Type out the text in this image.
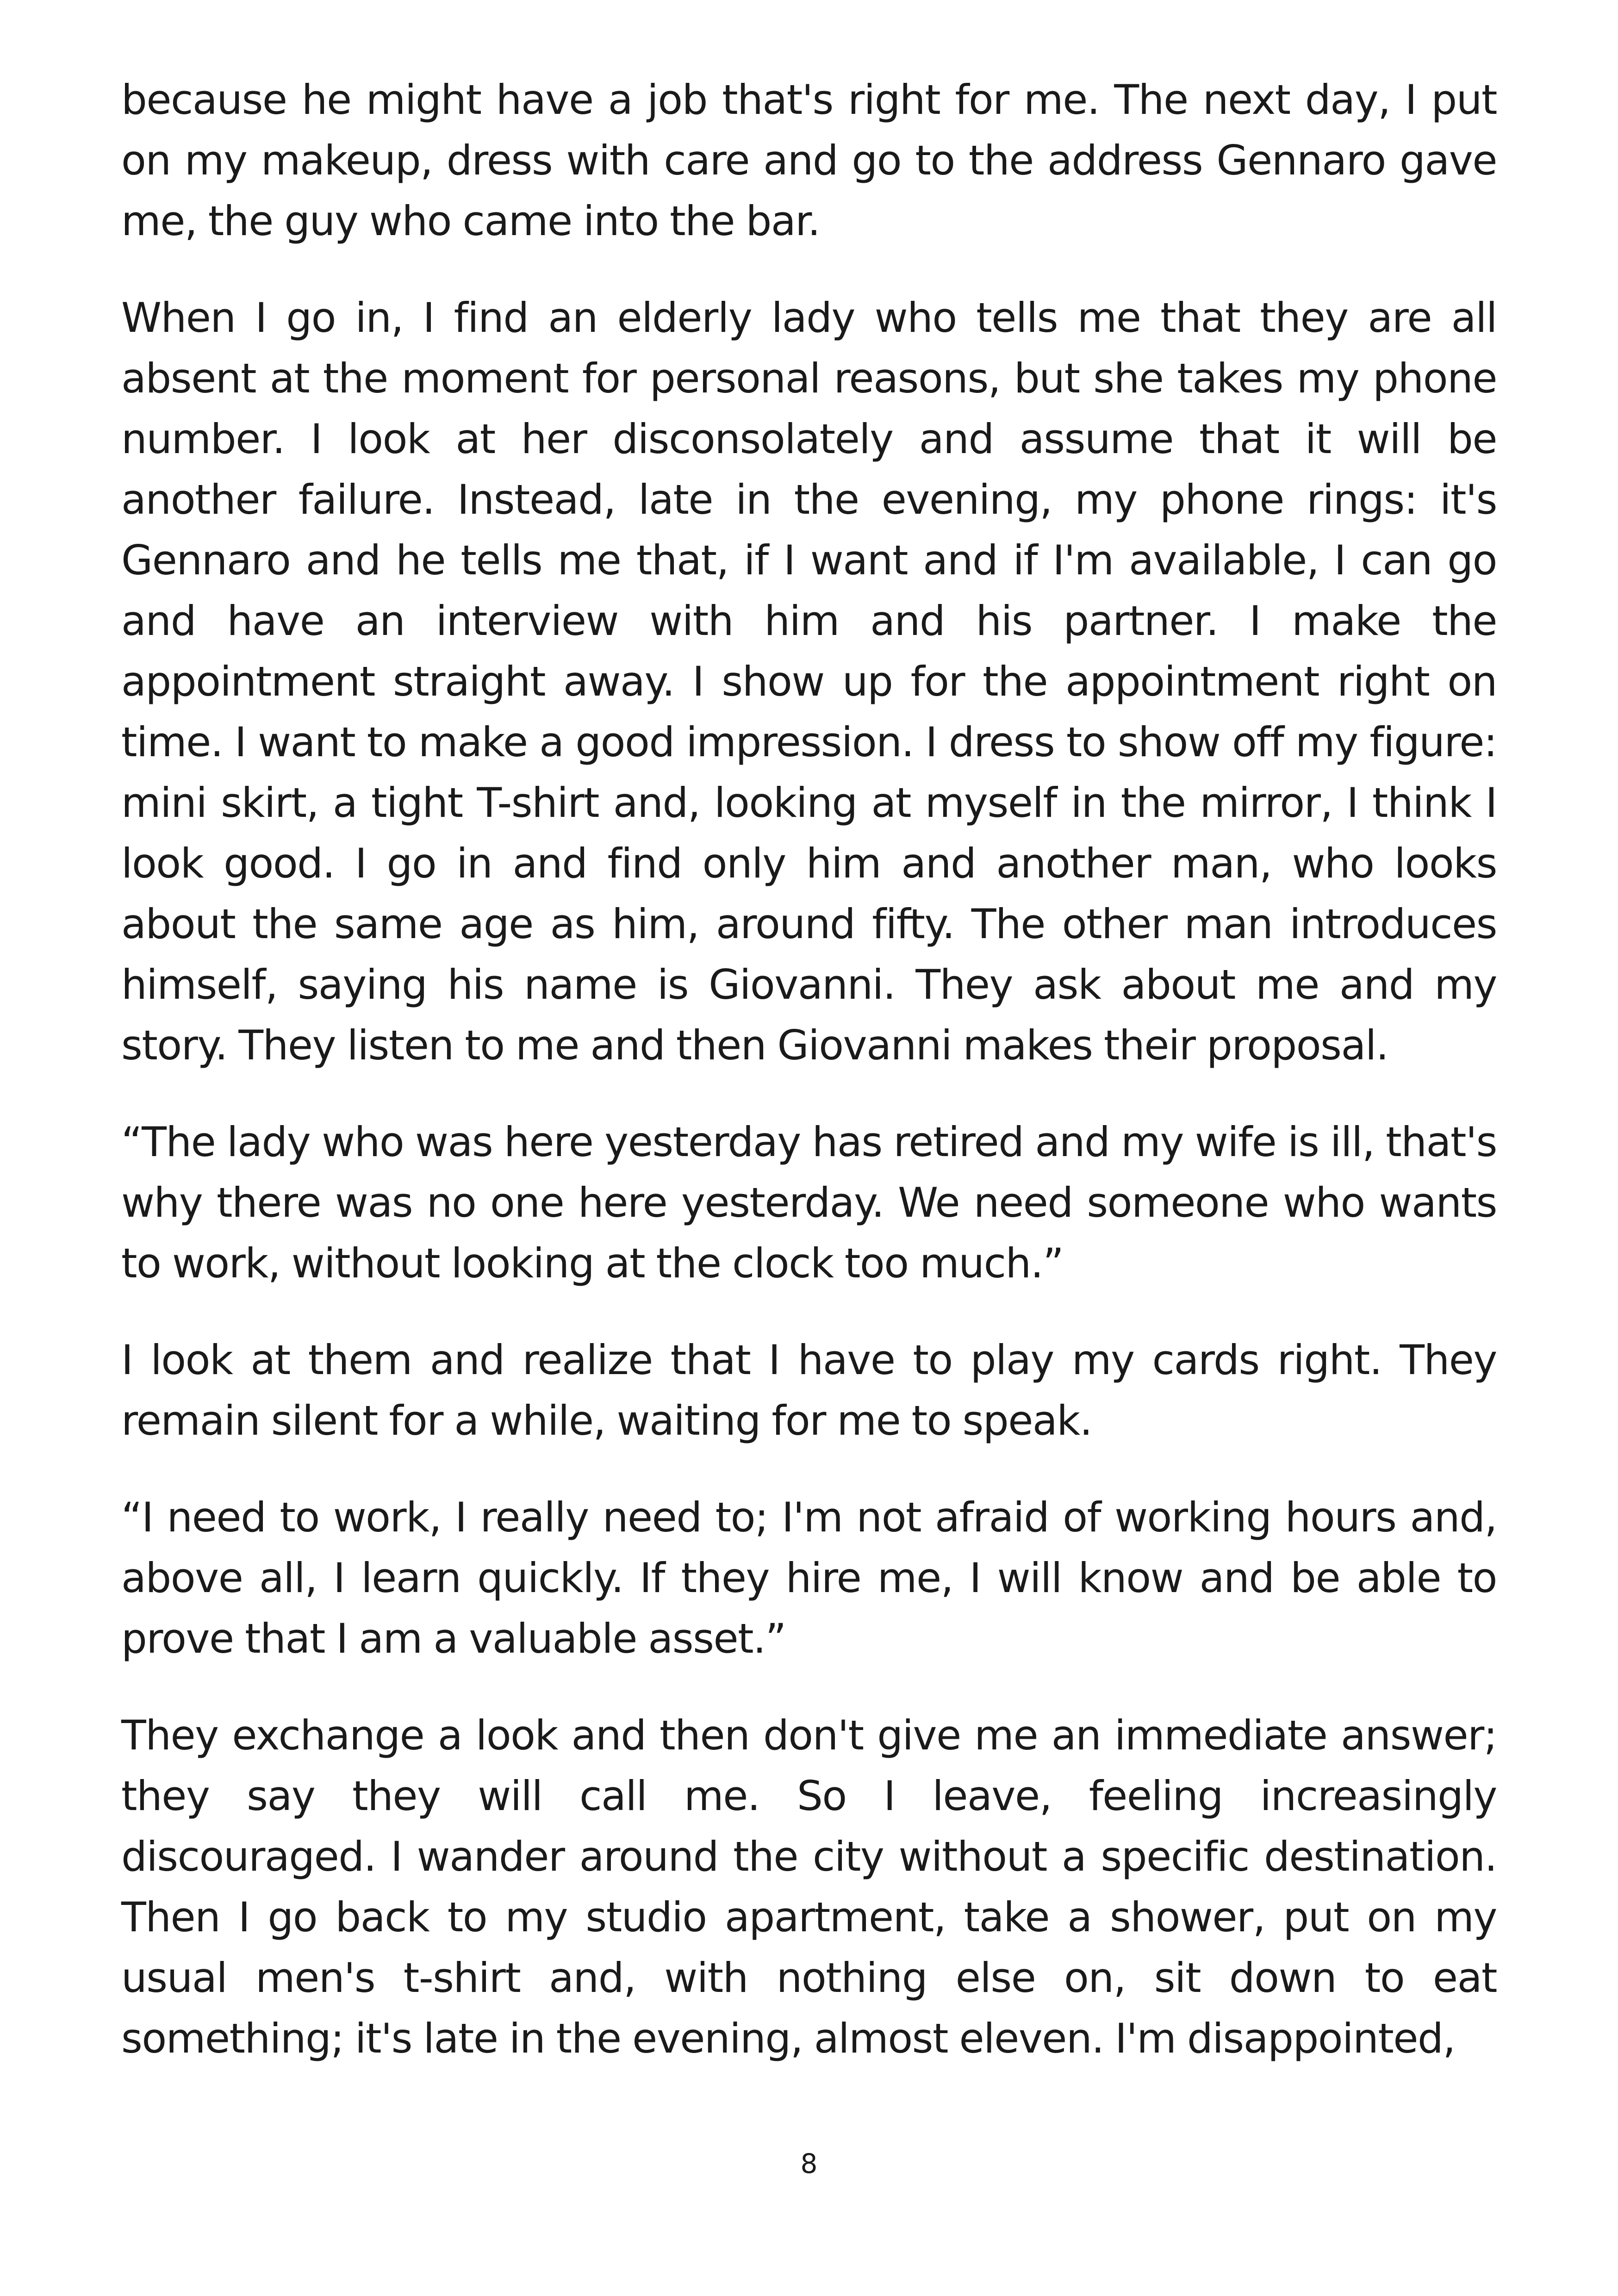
because he might have a job that's right for me. The next day, I put on my makeup, dress with care and go to the address Gennaro gave me, the guy who came into the bar.

When I go in, I find an elderly lady who tells me that they are all absent at the moment for personal reasons, but she takes my phone number. I look at her disconsolately and assume that it will be another failure. Instead, late in the evening, my phone rings: it's Gennaro and he tells me that, if I want and if I'm available, I can go and have an interview with him and his partner. I make the appointment straight away. I show up for the appointment right on time. I want to make a good impression. I dress to show off my figure: mini skirt, a tight T-shirt and, looking at myself in the mirror, I think I look good. I go in and find only him and another man, who looks about the same age as him, around fifty. The other man introduces himself, saying his name is Giovanni. They ask about me and my story. They listen to me and then Giovanni makes their proposal.

“The lady who was here yesterday has retired and my wife is ill, that's why there was no one here yesterday. We need someone who wants to work, without looking at the clock too much.”

I look at them and realize that I have to play my cards right. They remain silent for a while, waiting for me to speak.

“I need to work, I really need to; I'm not afraid of working hours and, above all, I learn quickly. If they hire me, I will know and be able to prove that I am a valuable asset.”

They exchange a look and then don't give me an immediate answer; they say they will call me. So I leave, feeling increasingly discouraged. I wander around the city without a specific destination. Then I go back to my studio apartment, take a shower, put on my usual men's t-shirt and, with nothing else on, sit down to eat something; it's late in the evening, almost eleven. I'm disappointed,

8
